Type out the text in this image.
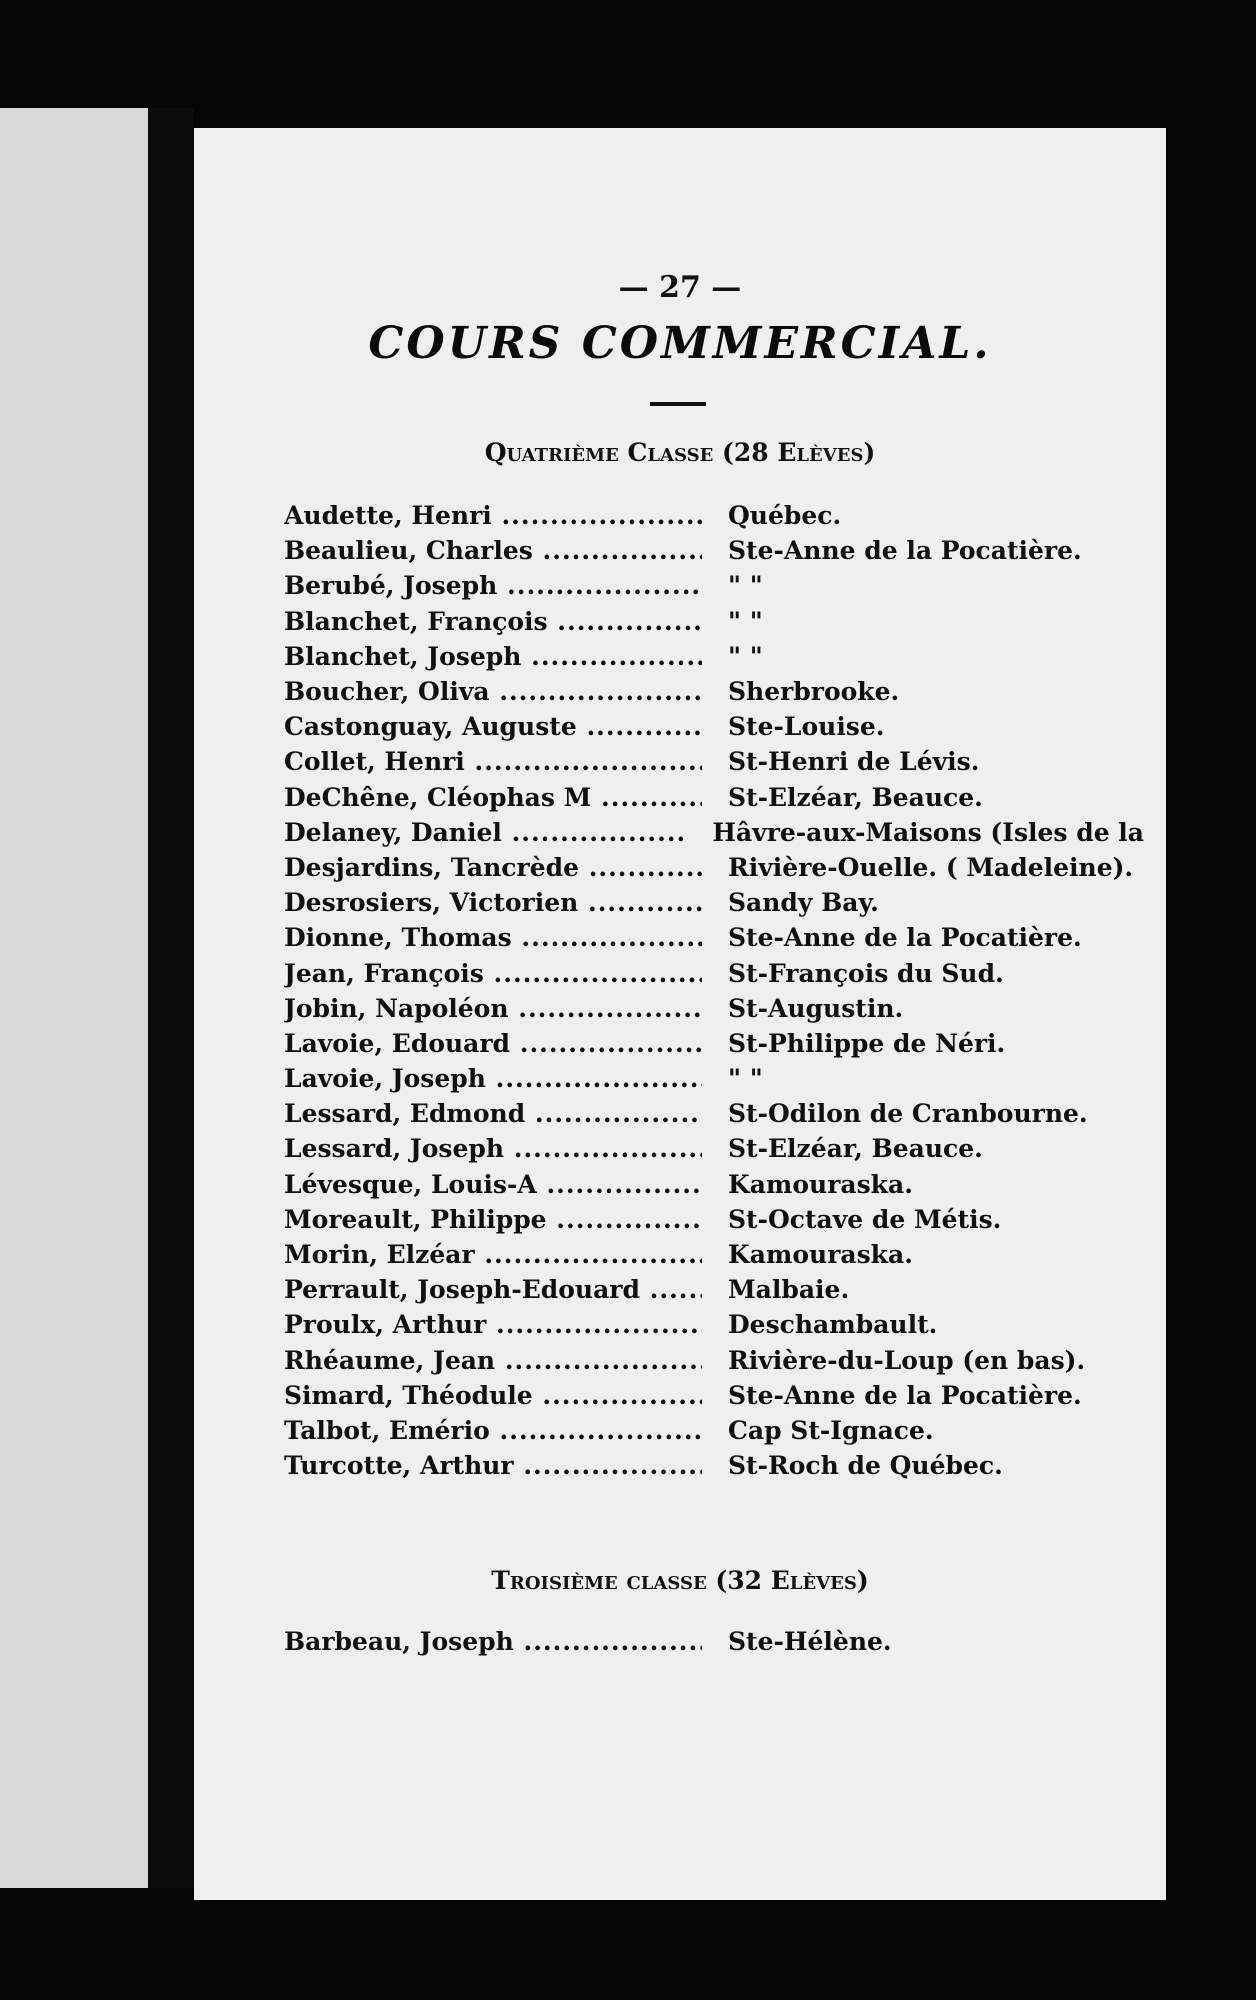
— 27 —
COURS COMMERCIAL.
Quatrième Classe (28 Elèves)
Audette, Henri .....	Québec.
Beaulieu, Charles .....	Ste-Anne de la Pocatière.
Berubé, Joseph .....	" "
Blanchet, François .....	" "
Blanchet, Joseph .....	" "
Boucher, Oliva .....	Sherbrooke.
Castonguay, Auguste .....	Ste-Louise.
Collet, Henri .....	St-Henri de Lévis.
DeChêne, Cléophas M .....	St-Elzéar, Beauce.
Delaney, Daniel .....	Hâvre-aux-Maisons (Isles de la
Desjardins, Tancrède .....	Rivière-Ouelle. ( Madeleine).
Desrosiers, Victorien .....	Sandy Bay.
Dionne, Thomas .....	Ste-Anne de la Pocatière.
Jean, François .....	St-François du Sud.
Jobin, Napoléon .....	St-Augustin.
Lavoie, Edouard .....	St-Philippe de Néri.
Lavoie, Joseph .....	" "
Lessard, Edmond .....	St-Odilon de Cranbourne.
Lessard, Joseph .....	St-Elzéar, Beauce.
Lévesque, Louis-A .....	Kamouraska.
Moreault, Philippe .....	St-Octave de Métis.
Morin, Elzéar .....	Kamouraska.
Perrault, Joseph-Edouard .....	Malbaie.
Proulx, Arthur .....	Deschambault.
Rhéaume, Jean .....	Rivière-du-Loup (en bas).
Simard, Théodule .....	Ste-Anne de la Pocatière.
Talbot, Emério .....	Cap St-Ignace.
Turcotte, Arthur .....	St-Roch de Québec.
Troisième classe (32 Elèves)
Barbeau, Joseph .....	Ste-Hélène.
